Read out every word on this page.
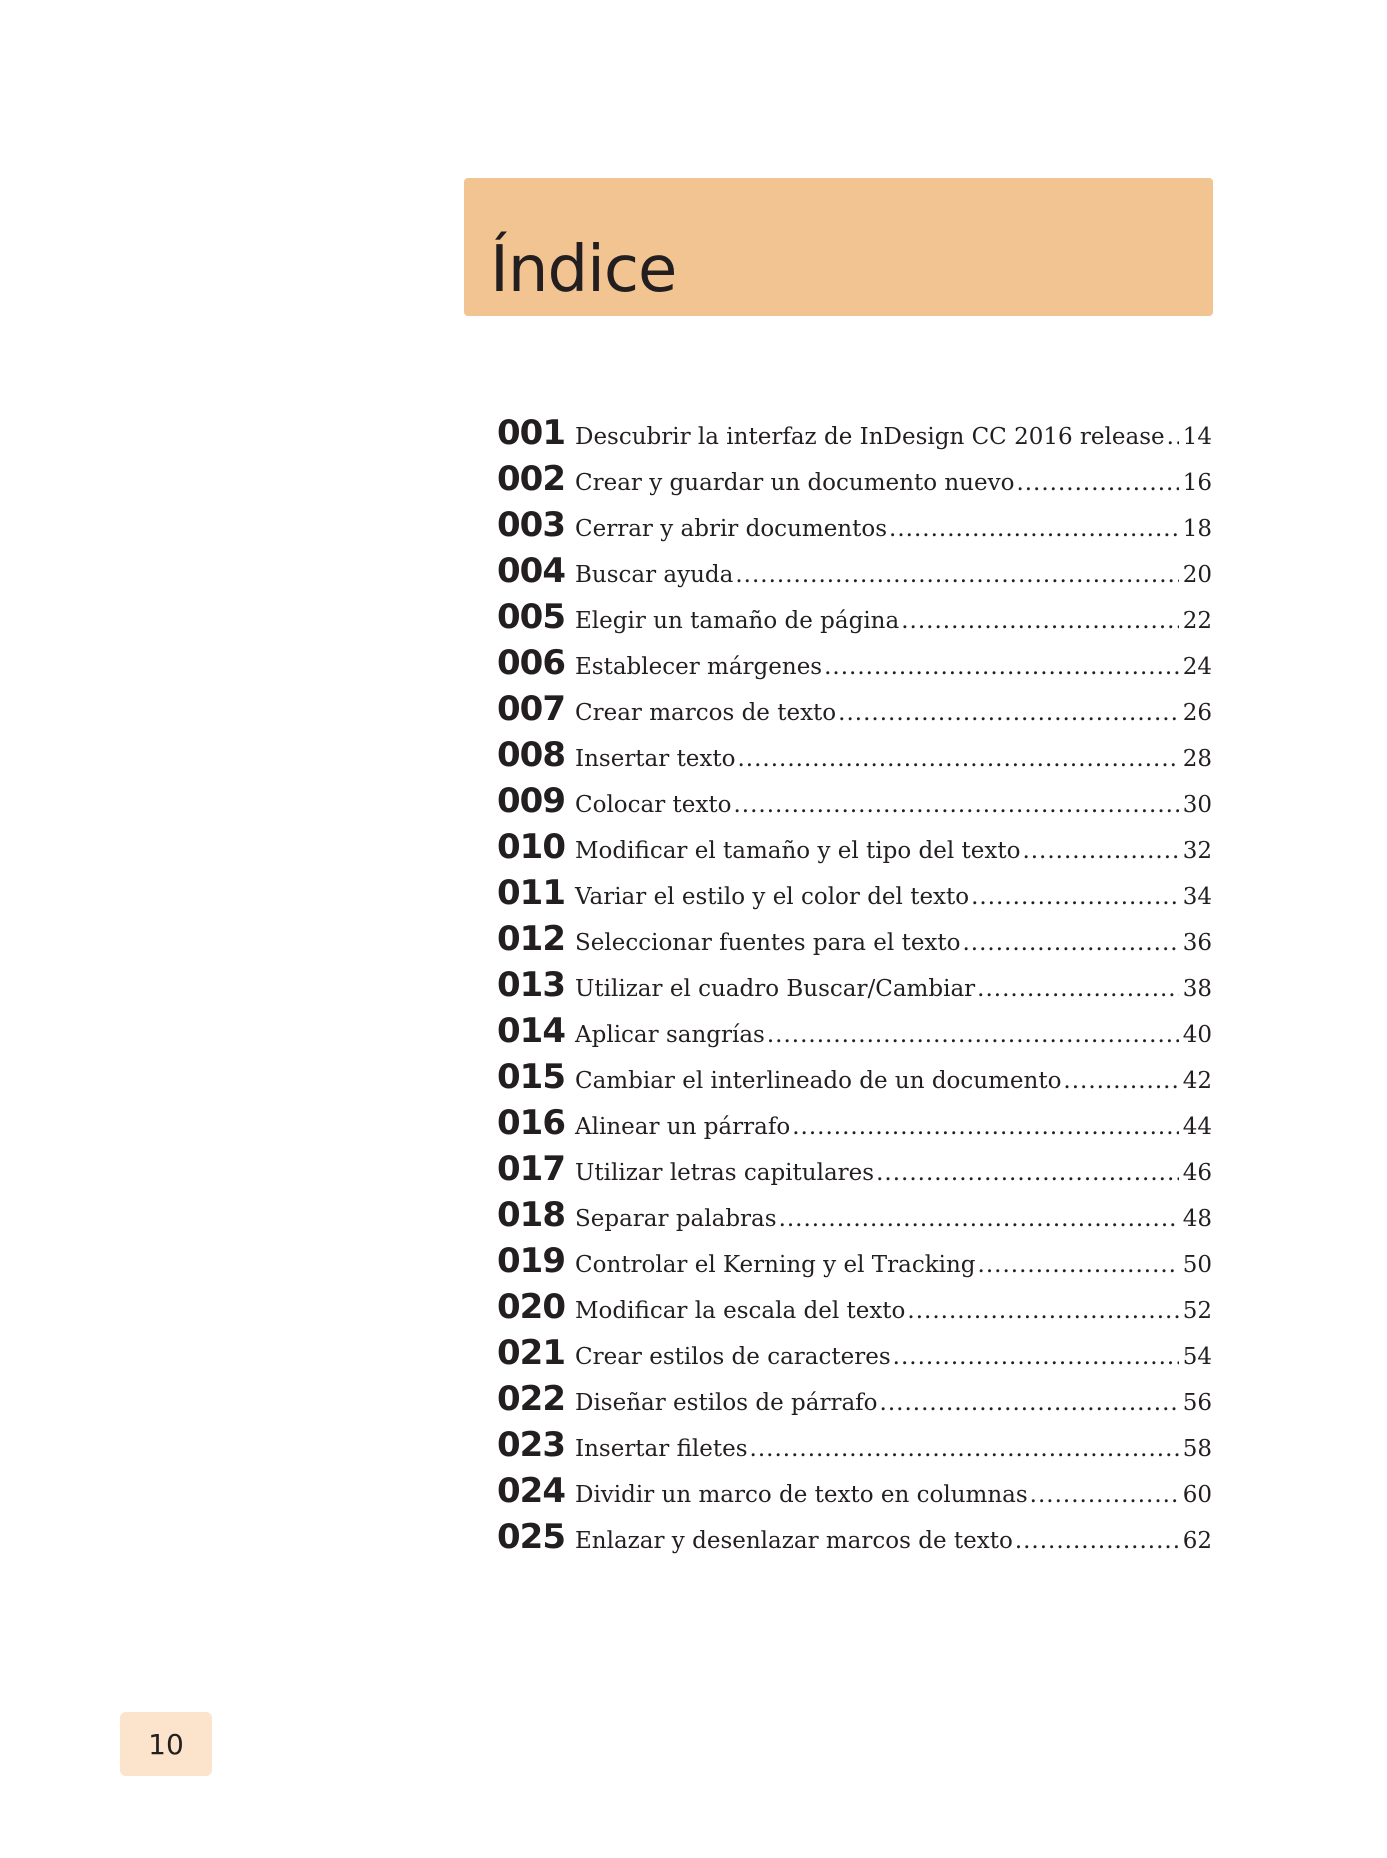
Índice
001 Descubrir la interfaz de InDesign CC 2016 release ..... 14
002 Crear y guardar un documento nuevo .....	16
003 Cerrar y abrir documentos .....	18
004 Buscar ayuda .....	20
005 Elegir un tamaño de página .....	22
006 Establecer márgenes .....	24
007 Crear marcos de texto .....	26
008 Insertar texto .....	28
009 Colocar texto .....	30
010 Modificar el tamaño y el tipo del texto .....	32
011 Variar el estilo y el color del texto .....	34
012 Seleccionar fuentes para el texto .....	36
013 Utilizar el cuadro Buscar/Cambiar .....	38
014 Aplicar sangrías .....	40
015 Cambiar el interlineado de un documento .....	42
016 Alinear un párrafo .....	44
017 Utilizar letras capitulares .....	46
018 Separar palabras .....	48
019 Controlar el Kerning y el Tracking .....	50
020 Modificar la escala del texto .....	52
021 Crear estilos de caracteres .....	54
022 Diseñar estilos de párrafo .....	56
023 Insertar filetes .....	58
024 Dividir un marco de texto en columnas .....	60
025 Enlazar y desenlazar marcos de texto .....	62
10
